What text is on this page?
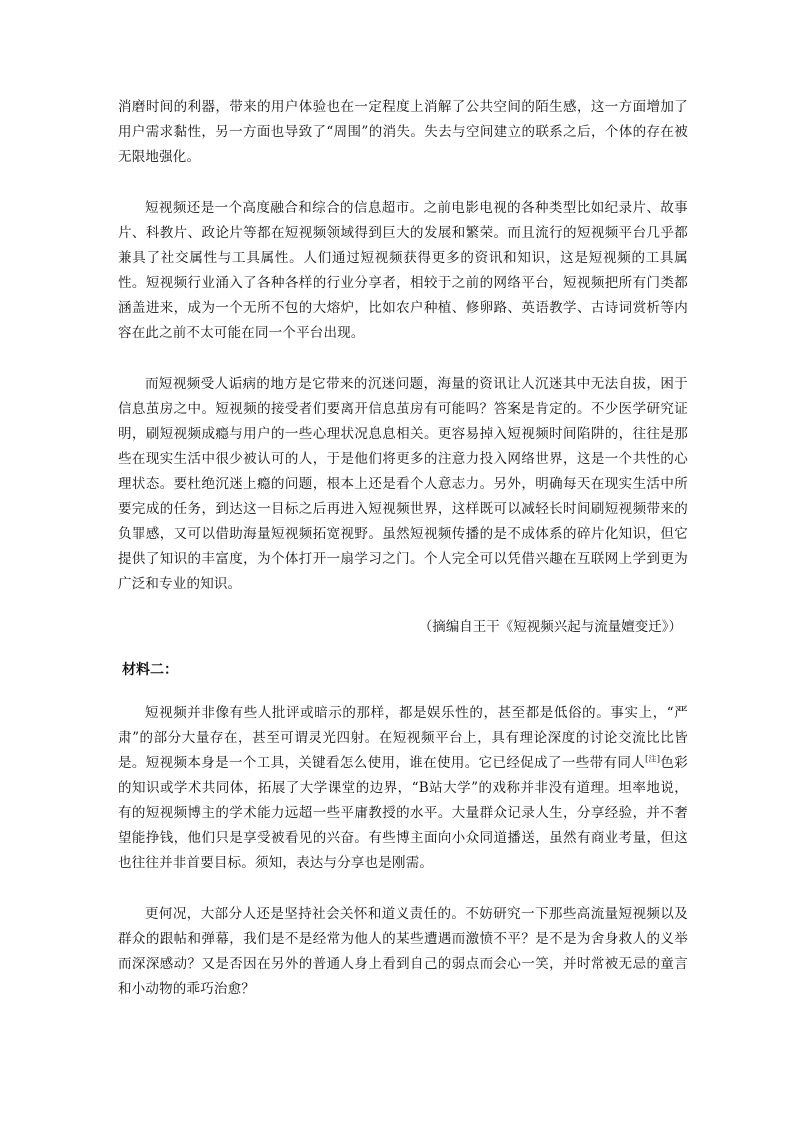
消磨时间的利器，带来的用户体验也在一定程度上消解了公共空间的陌生感，这一方面增加了用户需求黏性，另一方面也导致了“周围”的消失。失去与空间建立的联系之后，个体的存在被无限地强化。

短视频还是一个高度融合和综合的信息超市。之前电影电视的各种类型比如纪录片、故事片、科教片、政论片等都在短视频领域得到巨大的发展和繁荣。而且流行的短视频平台几乎都兼具了社交属性与工具属性。人们通过短视频获得更多的资讯和知识，这是短视频的工具属性。短视频行业涌入了各种各样的行业分享者，相较于之前的网络平台，短视频把所有门类都涵盖进来，成为一个无所不包的大熔炉，比如农户种植、修卵路、英语教学、古诗词赏析等内容在此之前不太可能在同一个平台出现。

而短视频受人诟病的地方是它带来的沉迷问题，海量的资讯让人沉迷其中无法自拔，困于信息茧房之中。短视频的接受者们要离开信息茧房有可能吗？答案是肯定的。不少医学研究证明，刷短视频成瘾与用户的一些心理状况息息相关。更容易掉入短视频时间陷阱的，往往是那些在现实生活中很少被认可的人，于是他们将更多的注意力投入网络世界，这是一个共性的心理状态。要杜绝沉迷上瘾的问题，根本上还是看个人意志力。另外，明确每天在现实生活中所要完成的任务，到达这一目标之后再进入短视频世界，这样既可以减轻长时间刷短视频带来的负罪感，又可以借助海量短视频拓宽视野。虽然短视频传播的是不成体系的碎片化知识，但它提供了知识的丰富度，为个体打开一扇学习之门。个人完全可以凭借兴趣在互联网上学到更为广泛和专业的知识。

（摘编自王干《短视频兴起与流量嬗变迁》）

材料二：

短视频并非像有些人批评或暗示的那样，都是娱乐性的，甚至都是低俗的。事实上，“严肃”的部分大量存在，甚至可谓灵光四射。在短视频平台上，具有理论深度的讨论交流比比皆是。短视频本身是一个工具，关键看怎么使用，谁在使用。它已经促成了一些带有同人[注]色彩的知识或学术共同体，拓展了大学课堂的边界，“B站大学”的戏称并非没有道理。坦率地说，有的短视频博主的学术能力远超一些平庸教授的水平。大量群众记录人生，分享经验，并不奢望能挣钱，他们只是享受被看见的兴奋。有些博主面向小众同道播送，虽然有商业考量，但这也往往并非首要目标。须知，表达与分享也是刚需。

更何况，大部分人还是坚持社会关怀和道义责任的。不妨研究一下那些高流量短视频以及群众的跟帖和弹幕，我们是不是经常为他人的某些遭遇而激愤不平？是不是为舍身救人的义举而深深感动？又是否因在另外的普通人身上看到自己的弱点而会心一笑，并时常被无忌的童言和小动物的乖巧治愈？
